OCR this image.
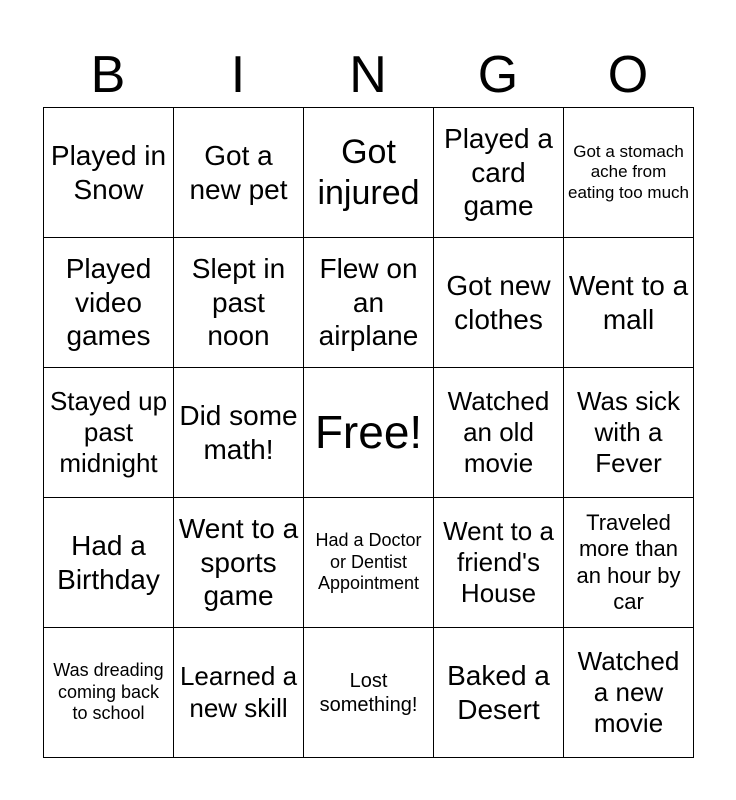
B	I	N	G	O
Played in Snow	Got a new pet	Got injured	Played a card game	Got a stomach ache from eating too much
Played video games	Slept in past noon	Flew on an airplane	Got new clothes	Went to a mall
Stayed up past midnight	Did some math!	Free!	Watched an old movie	Was sick with a Fever
Had a Birthday	Went to a sports game	Had a Doctor or Dentist Appointment	Went to a friend's House	Traveled more than an hour by car
Was dreading coming back to school	Learned a new skill	Lost something!	Baked a Desert	Watched a new movie
